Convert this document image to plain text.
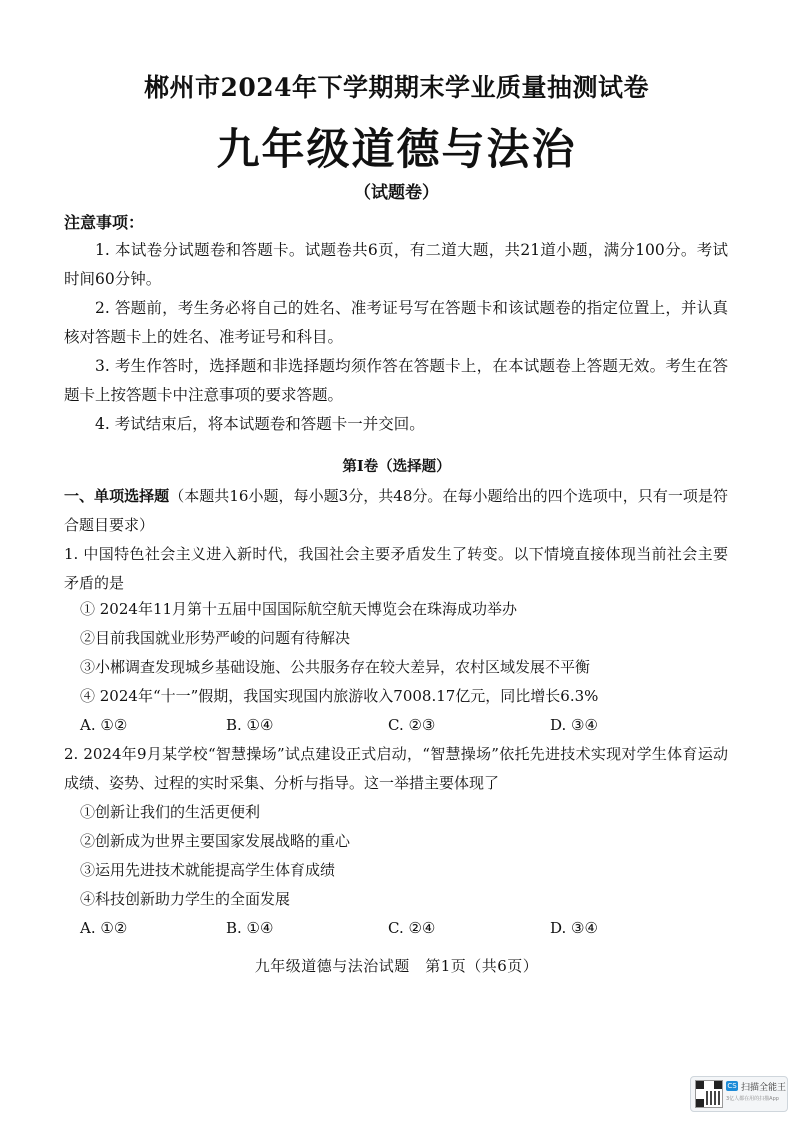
郴州市2024年下学期期末学业质量抽测试卷
九年级道德与法治
（试题卷）
注意事项：
1. 本试卷分试题卷和答题卡。试题卷共6页，有二道大题，共21道小题，满分100分。考试时间60分钟。
2. 答题前，考生务必将自己的姓名、准考证号写在答题卡和该试题卷的指定位置上，并认真核对答题卡上的姓名、准考证号和科目。
3. 考生作答时，选择题和非选择题均须作答在答题卡上，在本试题卷上答题无效。考生在答题卡上按答题卡中注意事项的要求答题。
4. 考试结束后，将本试题卷和答题卡一并交回。
第Ⅰ卷（选择题）
一、单项选择题（本题共16小题，每小题3分，共48分。在每小题给出的四个选项中，只有一项是符合题目要求）
1. 中国特色社会主义进入新时代，我国社会主要矛盾发生了转变。以下情境直接体现当前社会主要矛盾的是
① 2024年11月第十五届中国国际航空航天博览会在珠海成功举办
②目前我国就业形势严峻的问题有待解决
③小郴调查发现城乡基础设施、公共服务存在较大差异，农村区域发展不平衡
④ 2024年“十一”假期，我国实现国内旅游收入7008.17亿元，同比增长6.3%
A. ①②	B. ①④	C. ②③	D. ③④
2. 2024年9月某学校“智慧操场”试点建设正式启动，“智慧操场”依托先进技术实现对学生体育运动成绩、姿势、过程的实时采集、分析与指导。这一举措主要体现了
①创新让我们的生活更便利
②创新成为世界主要国家发展战略的重心
③运用先进技术就能提高学生体育成绩
④科技创新助力学生的全面发展
A. ①②	B. ①④	C. ②④	D. ③④
九年级道德与法治试题　第1页（共6页）
CS 扫描全能王
3亿人都在用的扫描App
